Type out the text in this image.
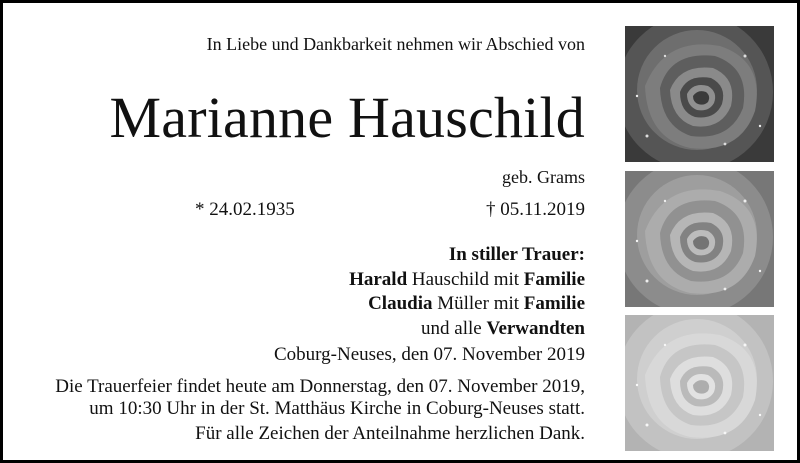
In Liebe und Dankbarkeit nehmen wir Abschied von
Marianne Hauschild
geb. Grams
* 24.02.1935	† 05.11.2019
In stiller Trauer:
Harald Hauschild mit Familie
Claudia Müller mit Familie
und alle Verwandten
Coburg-Neuses, den 07. November 2019
Die Trauerfeier findet heute am Donnerstag, den 07. November 2019,
um 10:30 Uhr in der St. Matthäus Kirche in Coburg-Neuses statt.
Für alle Zeichen der Anteilnahme herzlichen Dank.
